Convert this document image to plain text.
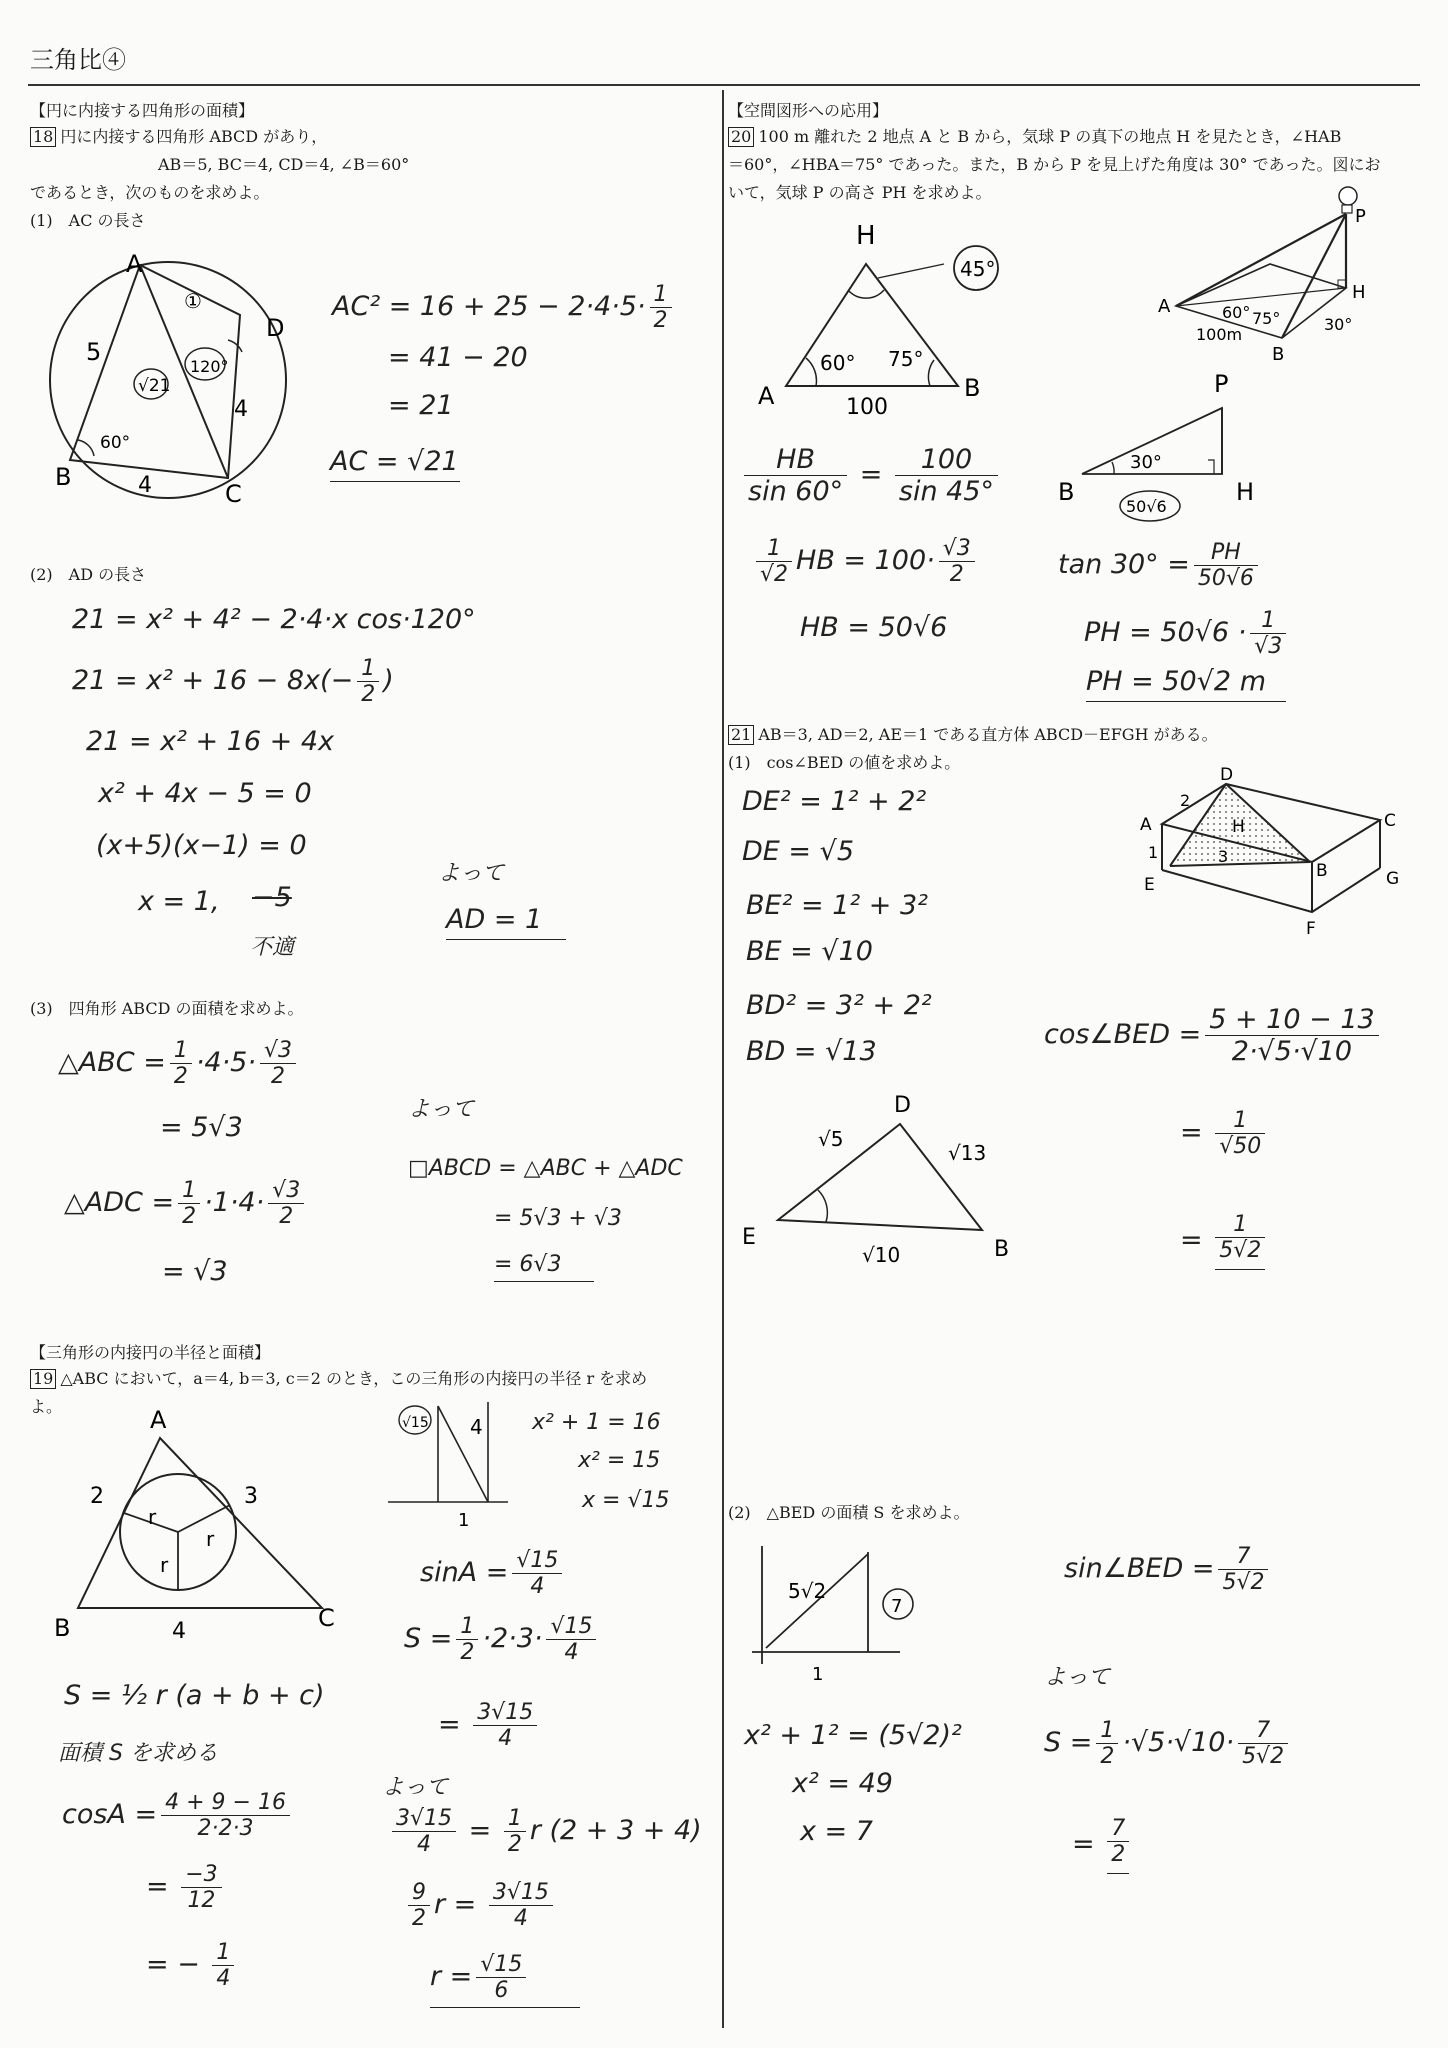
三角比④
【円に内接する四角形の面積】
18 円に内接する四角形 ABCD があり，
AB＝5, BC＝4, CD＝4, ∠B＝60°
であるとき，次のものを求めよ。
(1)　AC の長さ
A
B
C
D
5
4
4
①
60°
120°
√21
$AC^2 = 16 + 25 - 2\cdot 4\cdot 5\cdot \frac{1}{2}$
= 41 − 20
= 21
AC = √21
(2)　AD の長さ
21 = x² + 4² − 2·4·x cos·120°
$21 = x^2 + 16 - 8x(- \frac{1}{2}$ )
21 = x² + 16 + 4x
x² + 4x − 5 = 0
(x+5)(x−1) = 0
x = 1, −5
不適
よって
AD = 1
(3)　四角形 ABCD の面積を求めよ。
△ABC = $\frac{1}{2} \cdot 4\cdot 5\cdot \frac{√3}{2}$
= 5√3
△ADC = $\frac{1}{2} \cdot 1\cdot 4\cdot \frac{√3}{2}$
= √3
よって
□ABCD = △ABC + △ADC
= 5√3 + √3
= 6√3
【三角形の内接円の半径と面積】
19 △ABC において，a＝4, b＝3, c＝2 のとき，この三角形の内接円の半径 r を求め
よ。	A
B	C
2	3
4
r
r
r
4
1
√15	x² + 1 = 16
x² = 15
x = √15
$\sin A = \frac{√15}{4}$
$S = \frac{1}{2} \cdot 2\cdot 3\cdot \frac{√15}{4}$
= $\frac{3√15}{4}$
S = ½ r (a + b + c)
面積 S を求める
$\cos A = \frac{4 + 9 - 16}{2\cdot 2\cdot 3}$
= $\frac{-3}{12}$
= − $\frac{1}{4}$
よって
$\frac{3√15}{4} = \frac{1}{2}$ r (2 + 3 + 4)
$\frac{9}{2}$ $r = \frac{3√15}{4}$
$r = \frac{√15}{6}$
【空間図形への応用】
20 100 m 離れた 2 地点 A と B から，気球 P の真下の地点 H を見たとき，∠HAB
＝60°，∠HBA＝75° であった。また，B から P を見上げた角度は 30° であった。図にお
いて，気球 P の高さ PH を求めよ。
P
H
A
B
60° 75°	30°
100m
H
A	B
45°
60° 75°
100
$\frac{HB}{\sin 60^\circ} = \frac{100}{\sin 45^\circ}$
$\frac{1}{√2}$ HB = $100\cdot \frac{√3}{2}$
HB = 50√6
P
B	H
30°
50√6
$\tan 30^\circ = \frac{PH}{50√6}$
PH = $50√6 \cdot \frac{1}{√3}$
PH = 50√2 m
21 AB＝3, AD＝2, AE＝1 である直方体 ABCD－EFGH がある。
(1)　cos∠BED の値を求めよ。
DE² = 1² + 2²
DE = √5
BE² = 1² + 3²
BE = √10
BD² = 3² + 2²
BD = √13
D
A	C
B
E	G
F
H
2
1	3
cos∠BED = $\frac{5 + 10 - 13}{2\cdot√5\cdot√10}$
= $\frac{1}{√50}$
= $\frac{1}{5√2}$
D
E	B
√5
√13
√10
(2)　△BED の面積 S を求めよ。
5√2
1
7
x² + 1² = (5√2)²
x² = 49
x = 7
sin∠BED = $\frac{7}{5√2}$
よって
$S = \frac{1}{2} \cdot√5\cdot√10\cdot \frac{7}{5√2}$
= $\frac{7}{2}$
